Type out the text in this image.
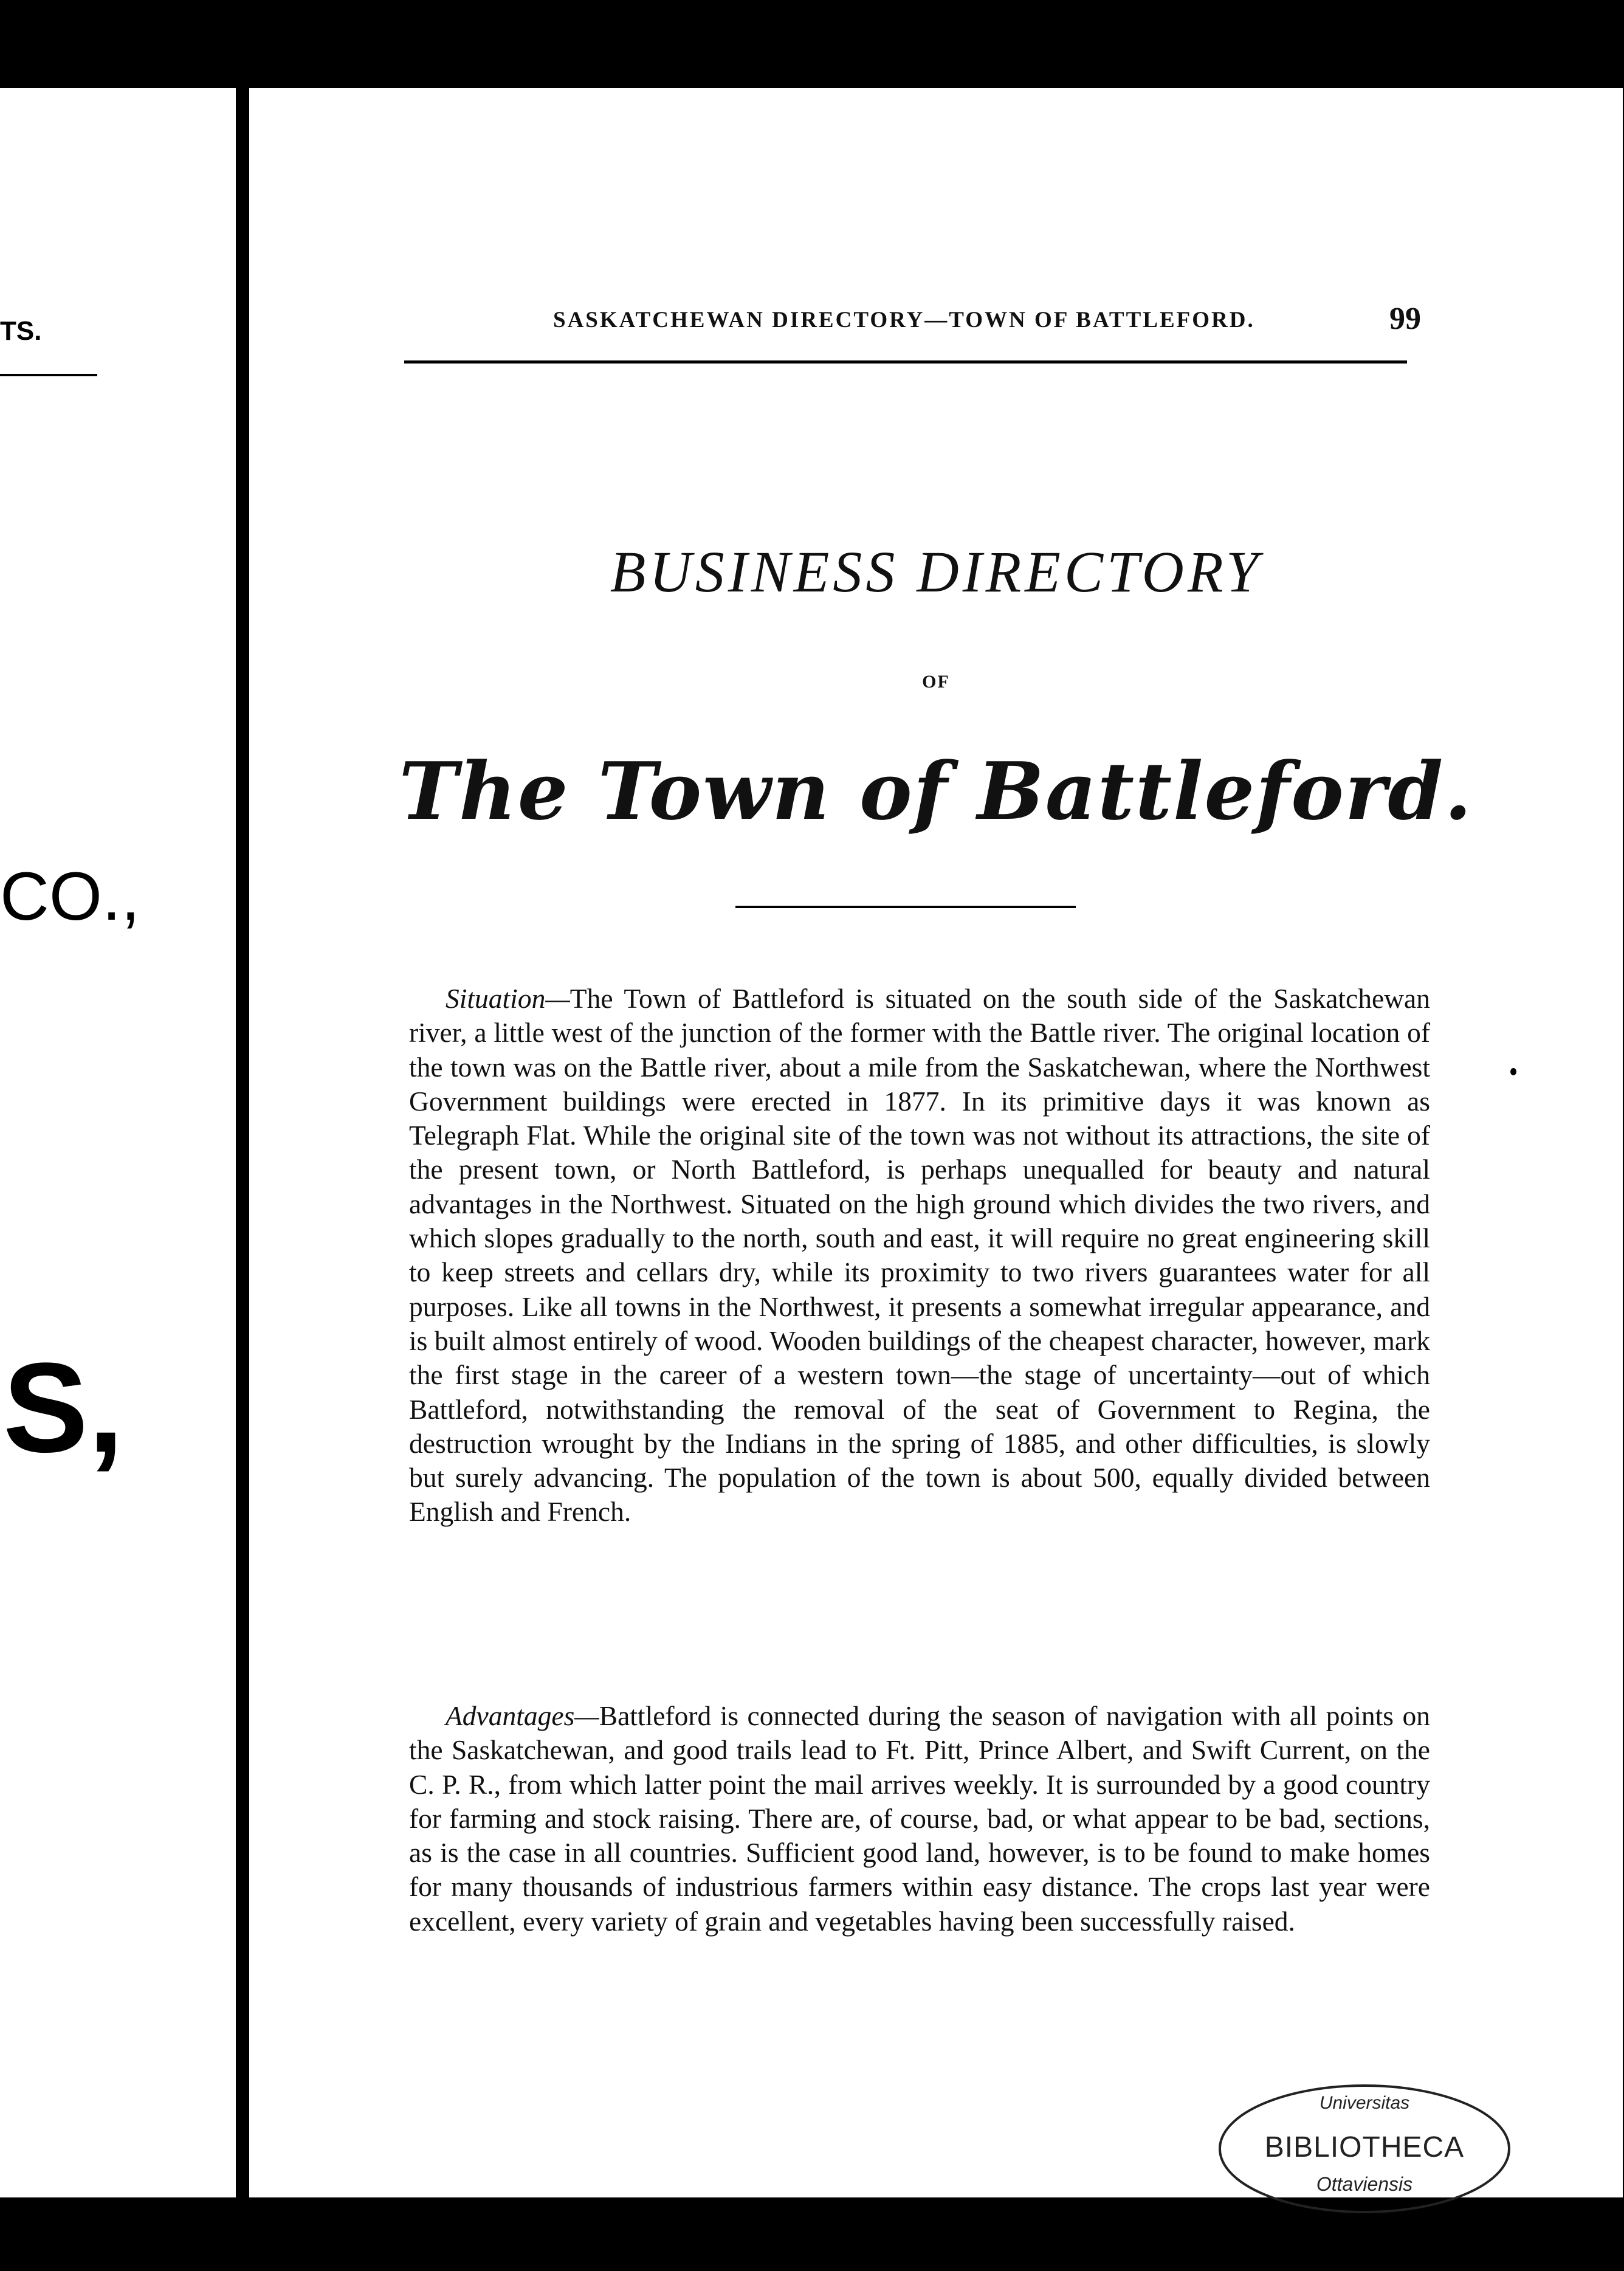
TS.
CO.,
S,
SASKATCHEWAN DIRECTORY—TOWN OF BATTLEFORD.	99
BUSINESS DIRECTORY
OF
The Town of Battleford.

Situation—The Town of Battleford is situated on the south side of the Saskatchewan river, a little west of the junction of the former with the Battle river. The original location of the town was on the Battle river, about a mile from the Saskatchewan, where the Northwest Government buildings were erected in 1877. In its primitive days it was known as Telegraph Flat. While the original site of the town was not without its attractions, the site of the present town, or North Battleford, is perhaps unequalled for beauty and natural advantages in the Northwest. Situated on the high ground which divides the two rivers, and which slopes gradually to the north, south and east, it will require no great engineering skill to keep streets and cellars dry, while its proximity to two rivers guarantees water for all purposes. Like all towns in the Northwest, it presents a somewhat irregular appearance, and is built almost entirely of wood. Wooden buildings of the cheapest character, however, mark the first stage in the career of a western town—the stage of uncertainty—out of which Battleford, notwithstanding the removal of the seat of Government to Regina, the destruction wrought by the Indians in the spring of 1885, and other difficulties, is slowly but surely advancing. The population of the town is about 500, equally divided between English and French.

Advantages—Battleford is connected during the season of navigation with all points on the Saskatchewan, and good trails lead to Ft. Pitt, Prince Albert, and Swift Current, on the C. P. R., from which latter point the mail arrives weekly. It is surrounded by a good country for farming and stock raising. There are, of course, bad, or what appear to be bad, sections, as is the case in all countries. Sufficient good land, however, is to be found to make homes for many thousands of industrious farmers within easy distance. The crops last year were excellent, every variety of grain and vegetables having been successfully raised.

Universitas
BIBLIOTHECA
Ottaviensis
